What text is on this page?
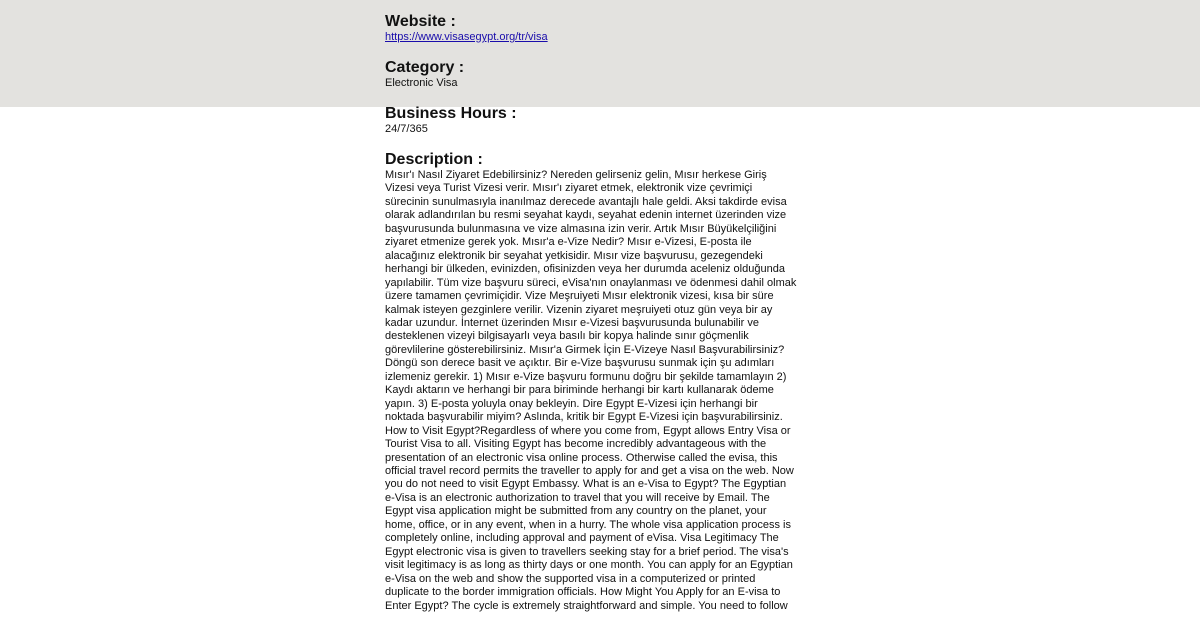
Website :
https://www.visasegypt.org/tr/visa
Category :
Electronic Visa
Business Hours :
24/7/365
Description :
Mısır'ı Nasıl Ziyaret Edebilirsiniz? Nereden gelirseniz gelin, Mısır herkese Giriş
Vizesi veya Turist Vizesi verir. Mısır'ı ziyaret etmek, elektronik vize çevrimiçi
sürecinin sunulmasıyla inanılmaz derecede avantajlı hale geldi. Aksi takdirde evisa
olarak adlandırılan bu resmi seyahat kaydı, seyahat edenin internet üzerinden vize
başvurusunda bulunmasına ve vize almasına izin verir. Artık Mısır Büyükelçiliğini
ziyaret etmenize gerek yok. Mısır'a e-Vize Nedir? Mısır e-Vizesi, E-posta ile
alacağınız elektronik bir seyahat yetkisidir. Mısır vize başvurusu, gezegendeki
herhangi bir ülkeden, evinizden, ofisinizden veya her durumda aceleniz olduğunda
yapılabilir. Tüm vize başvuru süreci, eVisa'nın onaylanması ve ödenmesi dahil olmak
üzere tamamen çevrimiçidir. Vize Meşruiyeti Mısır elektronik vizesi, kısa bir süre
kalmak isteyen gezginlere verilir. Vizenin ziyaret meşruiyeti otuz gün veya bir ay
kadar uzundur. İnternet üzerinden Mısır e-Vizesi başvurusunda bulunabilir ve
desteklenen vizeyi bilgisayarlı veya basılı bir kopya halinde sınır göçmenlik
görevlilerine gösterebilirsiniz. Mısır'a Girmek İçin E-Vizeye Nasıl Başvurabilirsiniz?
Döngü son derece basit ve açıktır. Bir e-Vize başvurusu sunmak için şu adımları
izlemeniz gerekir. 1) Mısır e-Vize başvuru formunu doğru bir şekilde tamamlayın 2)
Kaydı aktarın ve herhangi bir para biriminde herhangi bir kartı kullanarak ödeme
yapın. 3) E-posta yoluyla onay bekleyin. Dire Egypt E-Vizesi için herhangi bir
noktada başvurabilir miyim? Aslında, kritik bir Egypt E-Vizesi için başvurabilirsiniz.
How to Visit Egypt?Regardless of where you come from, Egypt allows Entry Visa or
Tourist Visa to all. Visiting Egypt has become incredibly advantageous with the
presentation of an electronic visa online process. Otherwise called the evisa, this
official travel record permits the traveller to apply for and get a visa on the web. Now
you do not need to visit Egypt Embassy. What is an e-Visa to Egypt? The Egyptian
e-Visa is an electronic authorization to travel that you will receive by Email. The
Egypt visa application might be submitted from any country on the planet, your
home, office, or in any event, when in a hurry. The whole visa application process is
completely online, including approval and payment of eVisa. Visa Legitimacy The
Egypt electronic visa is given to travellers seeking stay for a brief period. The visa's
visit legitimacy is as long as thirty days or one month. You can apply for an Egyptian
e-Visa on the web and show the supported visa in a computerized or printed
duplicate to the border immigration officials. How Might You Apply for an E-visa to
Enter Egypt? The cycle is extremely straightforward and simple. You need to follow
